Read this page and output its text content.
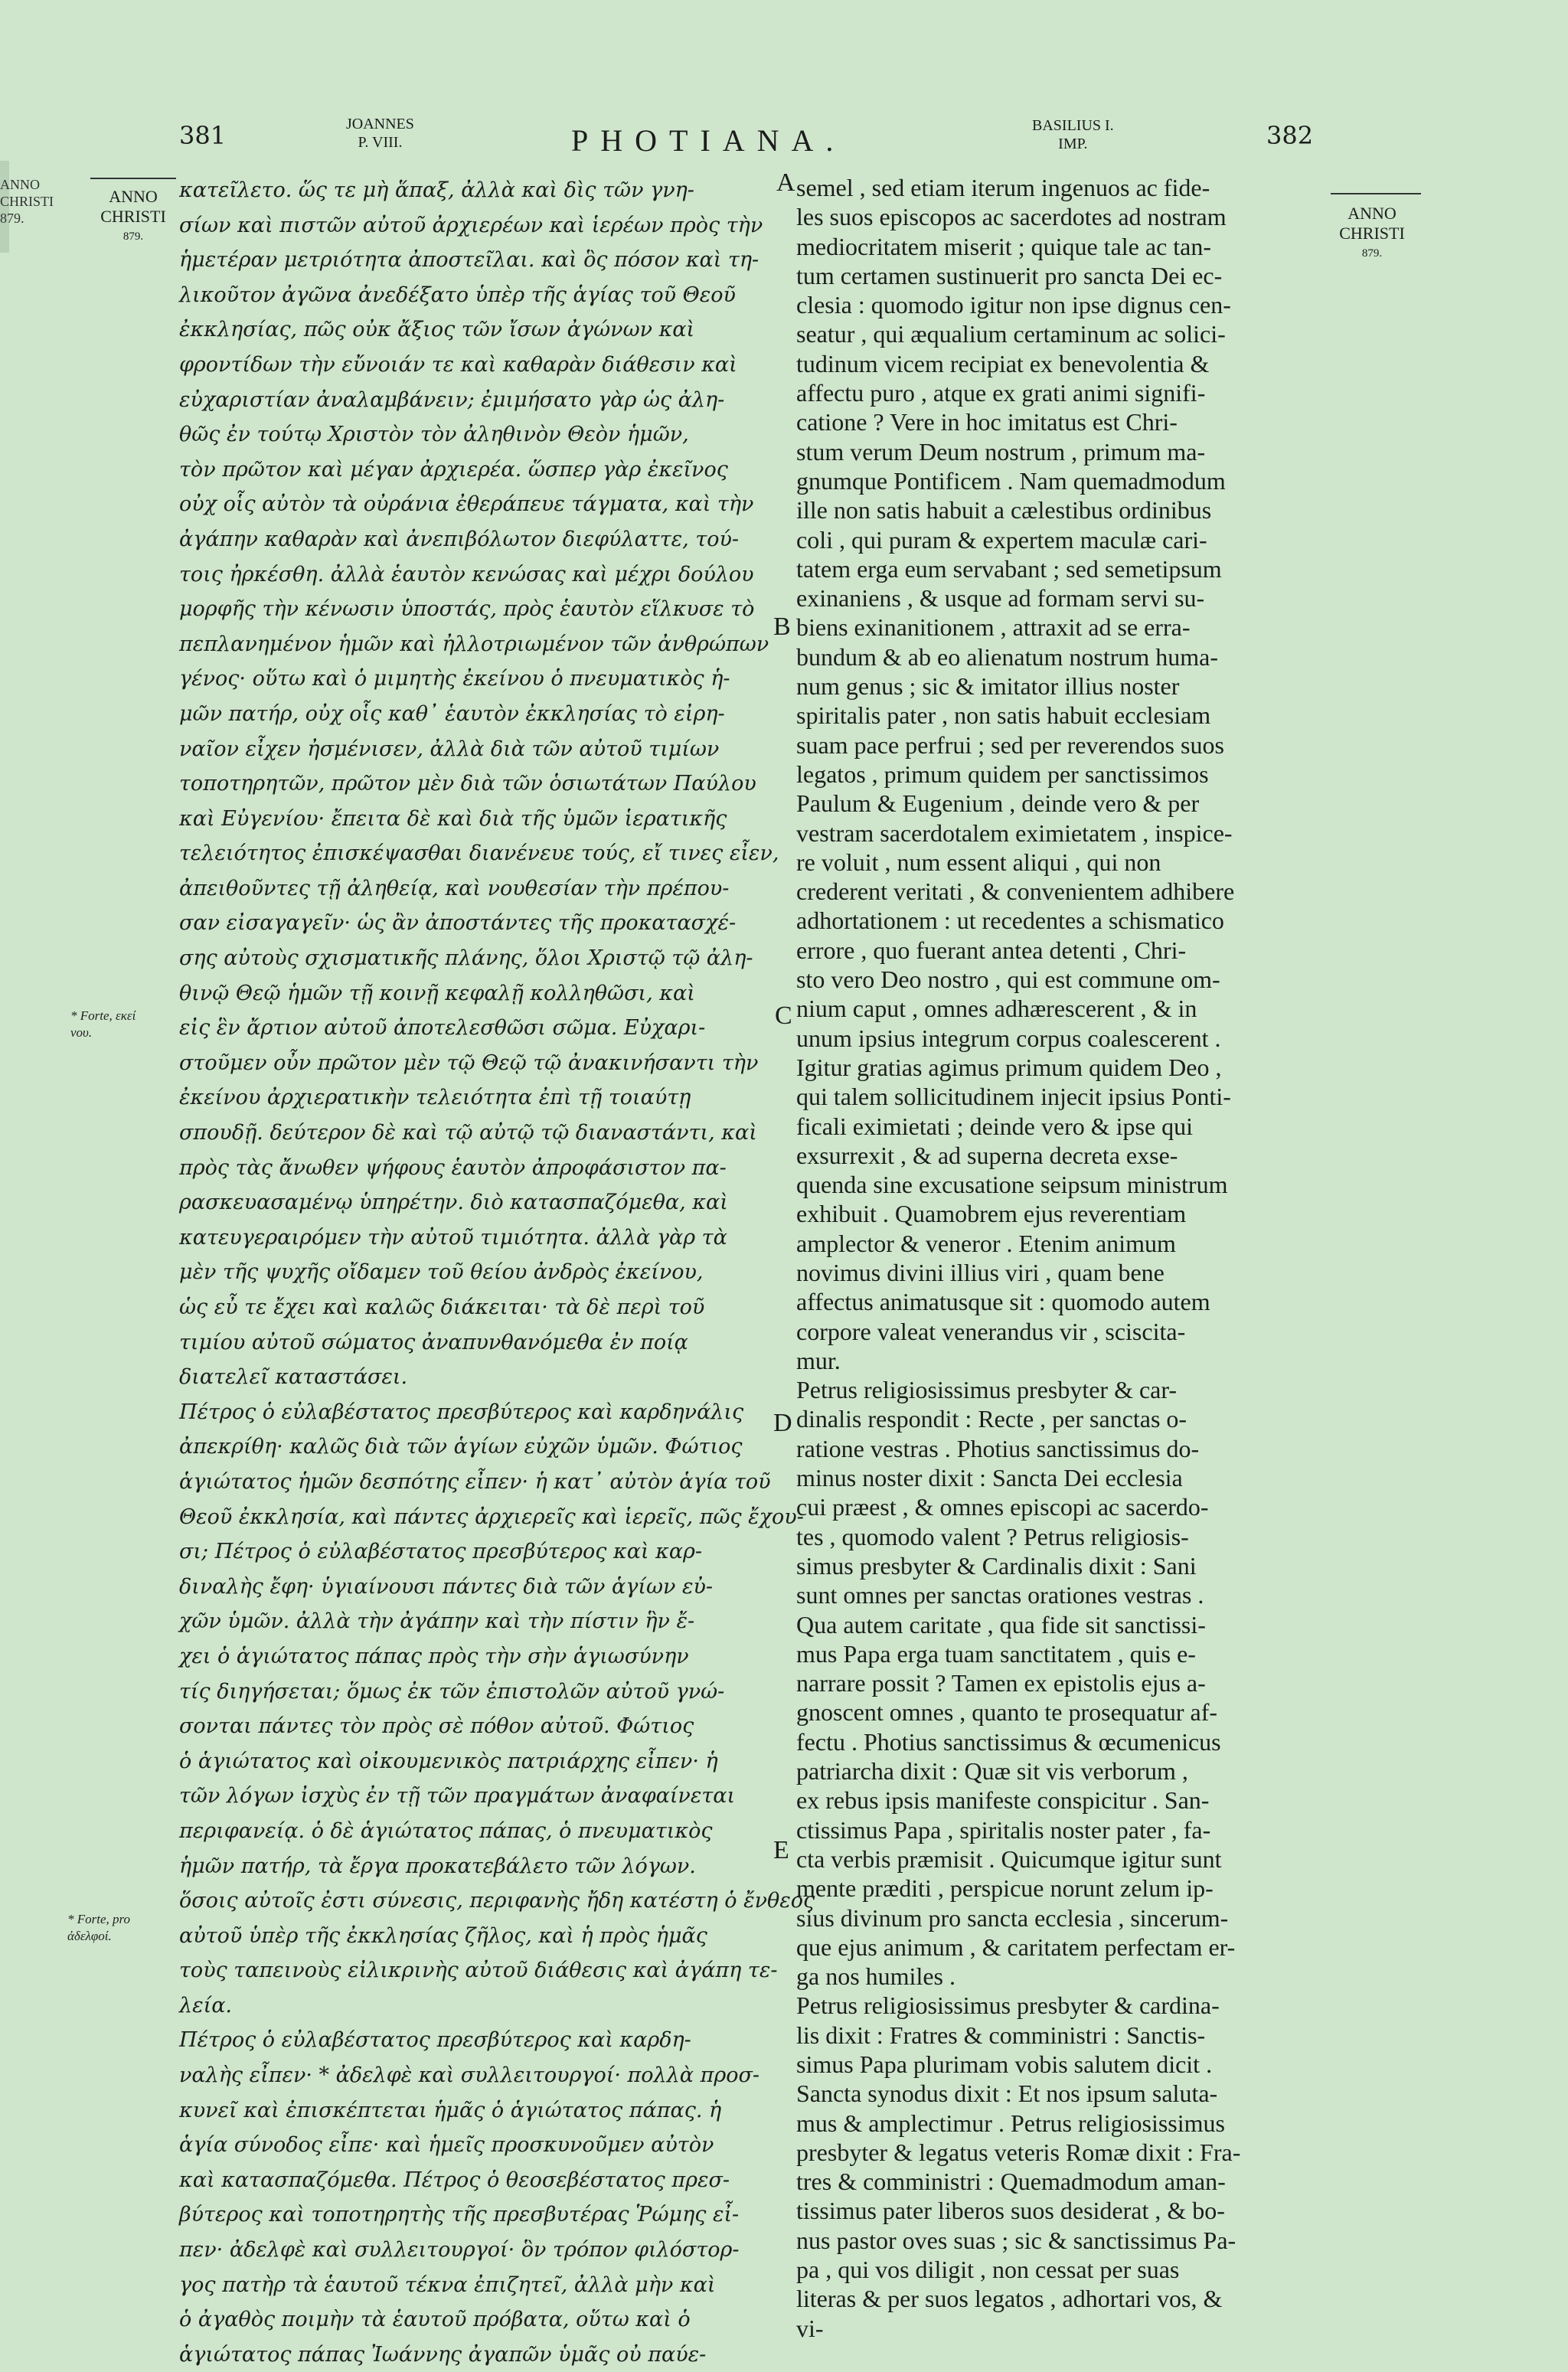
ANNO
CHRISTI
879.
381	JOANNES
P. VIII.	PHOTIANA.	BASILIUS I.
IMP.	382
ANNO
CHRISTI
879.
ANNO
CHRISTI
879.
κατεῖλετο. ὥς τε μὴ ἅπαξ, ἀλλὰ καὶ δὶς τῶν γνη-
σίων καὶ πιστῶν αὐτοῦ ἀρχιερέων καὶ ἱερέων πρὸς τὴν
ἡμετέραν μετριότητα ἀποστεῖλαι. καὶ ὃς πόσον καὶ τη-
λικοῦτον ἀγῶνα ἀνεδέξατο ὑπὲρ τῆς ἁγίας τοῦ Θεοῦ
ἐκκλησίας, πῶς οὐκ ἄξιος τῶν ἴσων ἀγώνων καὶ
φροντίδων τὴν εὔνοιάν τε καὶ καθαρὰν διάθεσιν καὶ
εὐχαριστίαν ἀναλαμβάνειν; ἐμιμήσατο γὰρ ὡς ἀλη-
θῶς ἐν τούτῳ Χριστὸν τὸν ἀληθινὸν Θεὸν ἡμῶν,
τὸν πρῶτον καὶ μέγαν ἀρχιερέα. ὥσπερ γὰρ ἐκεῖνος
οὐχ οἷς αὐτὸν τὰ οὐράνια ἐθεράπευε τάγματα, καὶ τὴν
ἀγάπην καθαρὰν καὶ ἀνεπιβόλωτον διεφύλαττε, τού-
τοις ἠρκέσθη. ἀλλὰ ἑαυτὸν κενώσας καὶ μέχρι δούλου
μορφῆς τὴν κένωσιν ὑποστάς, πρὸς ἑαυτὸν εἵλκυσε τὸ
πεπλανημένον ἡμῶν καὶ ἠλλοτριωμένον τῶν ἀνθρώπων
γένος· οὕτω καὶ ὁ μιμητὴς ἐκείνου ὁ πνευματικὸς ἡ-
μῶν πατήρ, οὐχ οἷς καθ᾽ ἑαυτὸν ἐκκλησίας τὸ εἰρη-
ναῖον εἶχεν ἠσμένισεν, ἀλλὰ διὰ τῶν αὐτοῦ τιμίων
τοποτηρητῶν, πρῶτον μὲν διὰ τῶν ὁσιωτάτων Παύλου
καὶ Εὐγενίου· ἔπειτα δὲ καὶ διὰ τῆς ὑμῶν ἱερατικῆς
τελειότητος ἐπισκέψασθαι διανένευε τούς, εἴ τινες εἶεν,
ἀπειθοῦντες τῇ ἀληθείᾳ, καὶ νουθεσίαν τὴν πρέπου-
σαν εἰσαγαγεῖν· ὡς ἂν ἀποστάντες τῆς προκατασχέ-
σης αὐτοὺς σχισματικῆς πλάνης, ὅλοι Χριστῷ τῷ ἀλη-
θινῷ Θεῷ ἡμῶν τῇ κοινῇ κεφαλῇ κολληθῶσι, καὶ
εἰς ἓν ἄρτιον αὐτοῦ ἀποτελεσθῶσι σῶμα. Εὐχαρι-
στοῦμεν οὖν πρῶτον μὲν τῷ Θεῷ τῷ ἀνακινήσαντι τὴν
ἐκείνου ἀρχιερατικὴν τελειότητα ἐπὶ τῇ τοιαύτῃ
σπουδῇ. δεύτερον δὲ καὶ τῷ αὐτῷ τῷ διαναστάντι, καὶ
πρὸς τὰς ἄνωθεν ψήφους ἑαυτὸν ἀπροφάσιστον πα-
ρασκευασαμένῳ ὑπηρέτην. διὸ κατασπαζόμεθα, καὶ
κατευγεραιρόμεν τὴν αὐτοῦ τιμιότητα. ἀλλὰ γὰρ τὰ
μὲν τῆς ψυχῆς οἴδαμεν τοῦ θείου ἀνδρὸς ἐκείνου,
ὡς εὖ τε ἔχει καὶ καλῶς διάκειται· τὰ δὲ περὶ τοῦ
τιμίου αὐτοῦ σώματος ἀναπυνθανόμεθα ἐν ποίᾳ
διατελεῖ καταστάσει.
Πέτρος ὁ εὐλαβέστατος πρεσβύτερος καὶ καρδηνάλις
ἀπεκρίθη· καλῶς διὰ τῶν ἁγίων εὐχῶν ὑμῶν. Φώτιος
ἁγιώτατος ἡμῶν δεσπότης εἶπεν· ἡ κατ᾽ αὐτὸν ἁγία τοῦ
Θεοῦ ἐκκλησία, καὶ πάντες ἀρχιερεῖς καὶ ἱερεῖς, πῶς ἔχου-
σι; Πέτρος ὁ εὐλαβέστατος πρεσβύτερος καὶ καρ-
διναλὴς ἔφη· ὑγιαίνουσι πάντες διὰ τῶν ἁγίων εὐ-
χῶν ὑμῶν. ἀλλὰ τὴν ἀγάπην καὶ τὴν πίστιν ἣν ἔ-
χει ὁ ἁγιώτατος πάπας πρὸς τὴν σὴν ἁγιωσύνην
τίς διηγήσεται; ὅμως ἐκ τῶν ἐπιστολῶν αὐτοῦ γνώ-
σονται πάντες τὸν πρὸς σὲ πόθον αὐτοῦ. Φώτιος
ὁ ἁγιώτατος καὶ οἰκουμενικὸς πατριάρχης εἶπεν· ἡ
τῶν λόγων ἰσχὺς ἐν τῇ τῶν πραγμάτων ἀναφαίνεται
περιφανείᾳ. ὁ δὲ ἁγιώτατος πάπας, ὁ πνευματικὸς
ἡμῶν πατήρ, τὰ ἔργα προκατεβάλετο τῶν λόγων.
ὅσοις αὐτοῖς ἐστι σύνεσις, περιφανὴς ἤδη κατέστη ὁ ἔνθεος
αὐτοῦ ὑπὲρ τῆς ἐκκλησίας ζῆλος, καὶ ἡ πρὸς ἡμᾶς
τοὺς ταπεινοὺς εἰλικρινὴς αὐτοῦ διάθεσις καὶ ἀγάπη τε-
λεία.
Πέτρος ὁ εὐλαβέστατος πρεσβύτερος καὶ καρδη-
ναλὴς εἶπεν· * ἀδελφὲ καὶ συλλειτουργοί· πολλὰ προσ-
κυνεῖ καὶ ἐπισκέπτεται ἡμᾶς ὁ ἁγιώτατος πάπας. ἡ
ἁγία σύνοδος εἶπε· καὶ ἡμεῖς προσκυνοῦμεν αὐτὸν
καὶ κατασπαζόμεθα. Πέτρος ὁ θεοσεβέστατος πρεσ-
βύτερος καὶ τοποτηρητὴς τῆς πρεσβυτέρας Ῥώμης εἶ-
πεν· ἀδελφὲ καὶ συλλειτουργοί· ὃν τρόπον φιλόστορ-
γος πατὴρ τὰ ἑαυτοῦ τέκνα ἐπιζητεῖ, ἀλλὰ μὴν καὶ
ὁ ἀγαθὸς ποιμὴν τὰ ἑαυτοῦ πρόβατα, οὕτω καὶ ὁ
ἁγιώτατος πάπας Ἰωάννης ἀγαπῶν ὑμᾶς οὐ παύε-
semel , sed etiam iterum ingenuos ac fide-
les suos episcopos ac sacerdotes ad nostram
mediocritatem miserit ; quique tale ac tan-
tum certamen sustinuerit pro sancta Dei ec-
clesia : quomodo igitur non ipse dignus cen-
seatur , qui æqualium certaminum ac solici-
tudinum vicem recipiat ex benevolentia &
affectu puro , atque ex grati animi signifi-
catione ? Vere in hoc imitatus est Chri-
stum verum Deum nostrum , primum ma-
gnumque Pontificem . Nam quemadmodum
ille non satis habuit a cælestibus ordinibus
coli , qui puram & expertem maculæ cari-
tatem erga eum servabant ; sed semetipsum
exinaniens , & usque ad formam servi su-
biens exinanitionem , attraxit ad se erra-
bundum & ab eo alienatum nostrum huma-
num genus ; sic & imitator illius noster
spiritalis pater , non satis habuit ecclesiam
suam pace perfrui ; sed per reverendos suos
legatos , primum quidem per sanctissimos
Paulum & Eugenium , deinde vero & per
vestram sacerdotalem eximietatem , inspice-
re voluit , num essent aliqui , qui non
crederent veritati , & convenientem adhibere
adhortationem : ut recedentes a schismatico
errore , quo fuerant antea detenti , Chri-
sto vero Deo nostro , qui est commune om-
nium caput , omnes adhærescerent , & in
unum ipsius integrum corpus coalescerent .
Igitur gratias agimus primum quidem Deo ,
qui talem sollicitudinem injecit ipsius Ponti-
ficali eximietati ; deinde vero & ipse qui
exsurrexit , & ad superna decreta exse-
quenda sine excusatione seipsum ministrum
exhibuit . Quamobrem ejus reverentiam
amplector & veneror . Etenim animum
novimus divini illius viri , quam bene
affectus animatusque sit : quomodo autem
corpore valeat venerandus vir , sciscita-
mur.
Petrus religiosissimus presbyter & car-
dinalis respondit : Recte , per sanctas o-
ratione vestras . Photius sanctissimus do-
minus noster dixit : Sancta Dei ecclesia
cui præest , & omnes episcopi ac sacerdo-
tes , quomodo valent ? Petrus religiosis-
simus presbyter & Cardinalis dixit : Sani
sunt omnes per sanctas orationes vestras .
Qua autem caritate , qua fide sit sanctissi-
mus Papa erga tuam sanctitatem , quis e-
narrare possit ? Tamen ex epistolis ejus a-
gnoscent omnes , quanto te prosequatur af-
fectu . Photius sanctissimus & œcumenicus
patriarcha dixit : Quæ sit vis verborum ,
ex rebus ipsis manifeste conspicitur . San-
ctissimus Papa , spiritalis noster pater , fa-
cta verbis præmisit . Quicumque igitur sunt
mente præditi , perspicue norunt zelum ip-
sius divinum pro sancta ecclesia , sincerum-
que ejus animum , & caritatem perfectam er-
ga nos humiles .
Petrus religiosissimus presbyter & cardina-
lis dixit : Fratres & comministri : Sanctis-
simus Papa plurimam vobis salutem dicit .
Sancta synodus dixit : Et nos ipsum saluta-
mus & amplectimur . Petrus religiosissimus
presbyter & legatus veteris Romæ dixit : Fra-
tres & comministri : Quemadmodum aman-
tissimus pater liberos suos desiderat , & bo-
nus pastor oves suas ; sic & sanctissimus Pa-
pa , qui vos diligit , non cessat per suas
literas & per suos legatos , adhortari vos, &
vi-
A
B
C
D
E
* Forte, εκεί
νου.
* Forte, pro
ἀδελφοί.
